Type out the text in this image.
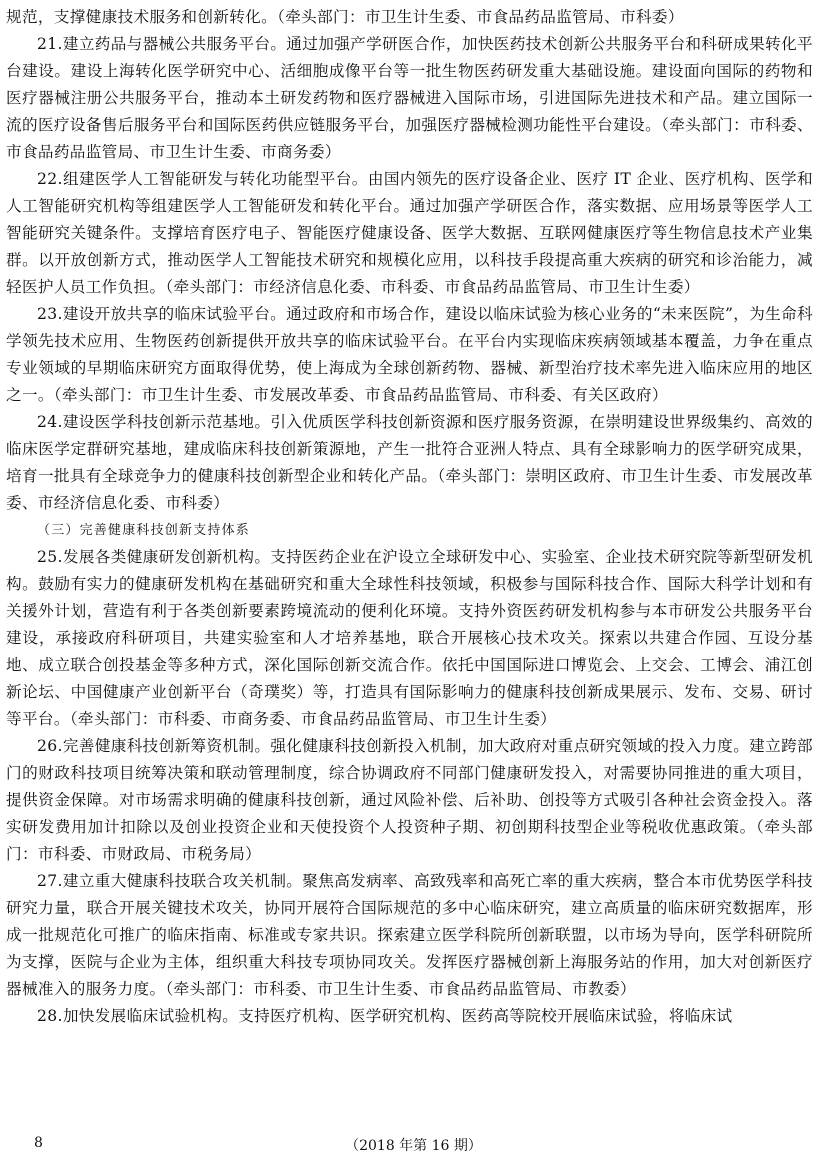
规范，支撑健康技术服务和创新转化。（牵头部门：市卫生计生委、市食品药品监管局、市科委）

21.建立药品与器械公共服务平台。通过加强产学研医合作，加快医药技术创新公共服务平台和科研成果转化平台建设。建设上海转化医学研究中心、活细胞成像平台等一批生物医药研发重大基础设施。建设面向国际的药物和医疗器械注册公共服务平台，推动本土研发药物和医疗器械进入国际市场，引进国际先进技术和产品。建立国际一流的医疗设备售后服务平台和国际医药供应链服务平台，加强医疗器械检测功能性平台建设。（牵头部门：市科委、市食品药品监管局、市卫生计生委、市商务委）

22.组建医学人工智能研发与转化功能型平台。由国内领先的医疗设备企业、医疗 IT 企业、医疗机构、医学和人工智能研究机构等组建医学人工智能研发和转化平台。通过加强产学研医合作，落实数据、应用场景等医学人工智能研究关键条件。支撑培育医疗电子、智能医疗健康设备、医学大数据、互联网健康医疗等生物信息技术产业集群。以开放创新方式，推动医学人工智能技术研究和规模化应用，以科技手段提高重大疾病的研究和诊治能力，减轻医护人员工作负担。（牵头部门：市经济信息化委、市科委、市食品药品监管局、市卫生计生委）

23.建设开放共享的临床试验平台。通过政府和市场合作，建设以临床试验为核心业务的“未来医院”，为生命科学领先技术应用、生物医药创新提供开放共享的临床试验平台。在平台内实现临床疾病领域基本覆盖，力争在重点专业领域的早期临床研究方面取得优势，使上海成为全球创新药物、器械、新型治疗技术率先进入临床应用的地区之一。（牵头部门：市卫生计生委、市发展改革委、市食品药品监管局、市科委、有关区政府）

24.建设医学科技创新示范基地。引入优质医学科技创新资源和医疗服务资源，在崇明建设世界级集约、高效的临床医学定群研究基地，建成临床科技创新策源地，产生一批符合亚洲人特点、具有全球影响力的医学研究成果，培育一批具有全球竞争力的健康科技创新型企业和转化产品。（牵头部门：崇明区政府、市卫生计生委、市发展改革委、市经济信息化委、市科委）

（三）完善健康科技创新支持体系

25.发展各类健康研发创新机构。支持医药企业在沪设立全球研发中心、实验室、企业技术研究院等新型研发机构。鼓励有实力的健康研发机构在基础研究和重大全球性科技领域，积极参与国际科技合作、国际大科学计划和有关援外计划，营造有利于各类创新要素跨境流动的便利化环境。支持外资医药研发机构参与本市研发公共服务平台建设，承接政府科研项目，共建实验室和人才培养基地，联合开展核心技术攻关。探索以共建合作园、互设分基地、成立联合创投基金等多种方式，深化国际创新交流合作。依托中国国际进口博览会、上交会、工博会、浦江创新论坛、中国健康产业创新平台（奇璞奖）等，打造具有国际影响力的健康科技创新成果展示、发布、交易、研讨等平台。（牵头部门：市科委、市商务委、市食品药品监管局、市卫生计生委）

26.完善健康科技创新筹资机制。强化健康科技创新投入机制，加大政府对重点研究领域的投入力度。建立跨部门的财政科技项目统筹决策和联动管理制度，综合协调政府不同部门健康研发投入，对需要协同推进的重大项目，提供资金保障。对市场需求明确的健康科技创新，通过风险补偿、后补助、创投等方式吸引各种社会资金投入。落实研发费用加计扣除以及创业投资企业和天使投资个人投资种子期、初创期科技型企业等税收优惠政策。（牵头部门：市科委、市财政局、市税务局）

27.建立重大健康科技联合攻关机制。聚焦高发病率、高致残率和高死亡率的重大疾病，整合本市优势医学科技研究力量，联合开展关键技术攻关，协同开展符合国际规范的多中心临床研究，建立高质量的临床研究数据库，形成一批规范化可推广的临床指南、标准或专家共识。探索建立医学科院所创新联盟，以市场为导向，医学科研院所为支撑，医院与企业为主体，组织重大科技专项协同攻关。发挥医疗器械创新上海服务站的作用，加大对创新医疗器械准入的服务力度。（牵头部门：市科委、市卫生计生委、市食品药品监管局、市教委）

28.加快发展临床试验机构。支持医疗机构、医学研究机构、医药高等院校开展临床试验，将临床试

8	（2018 年第 16 期）
